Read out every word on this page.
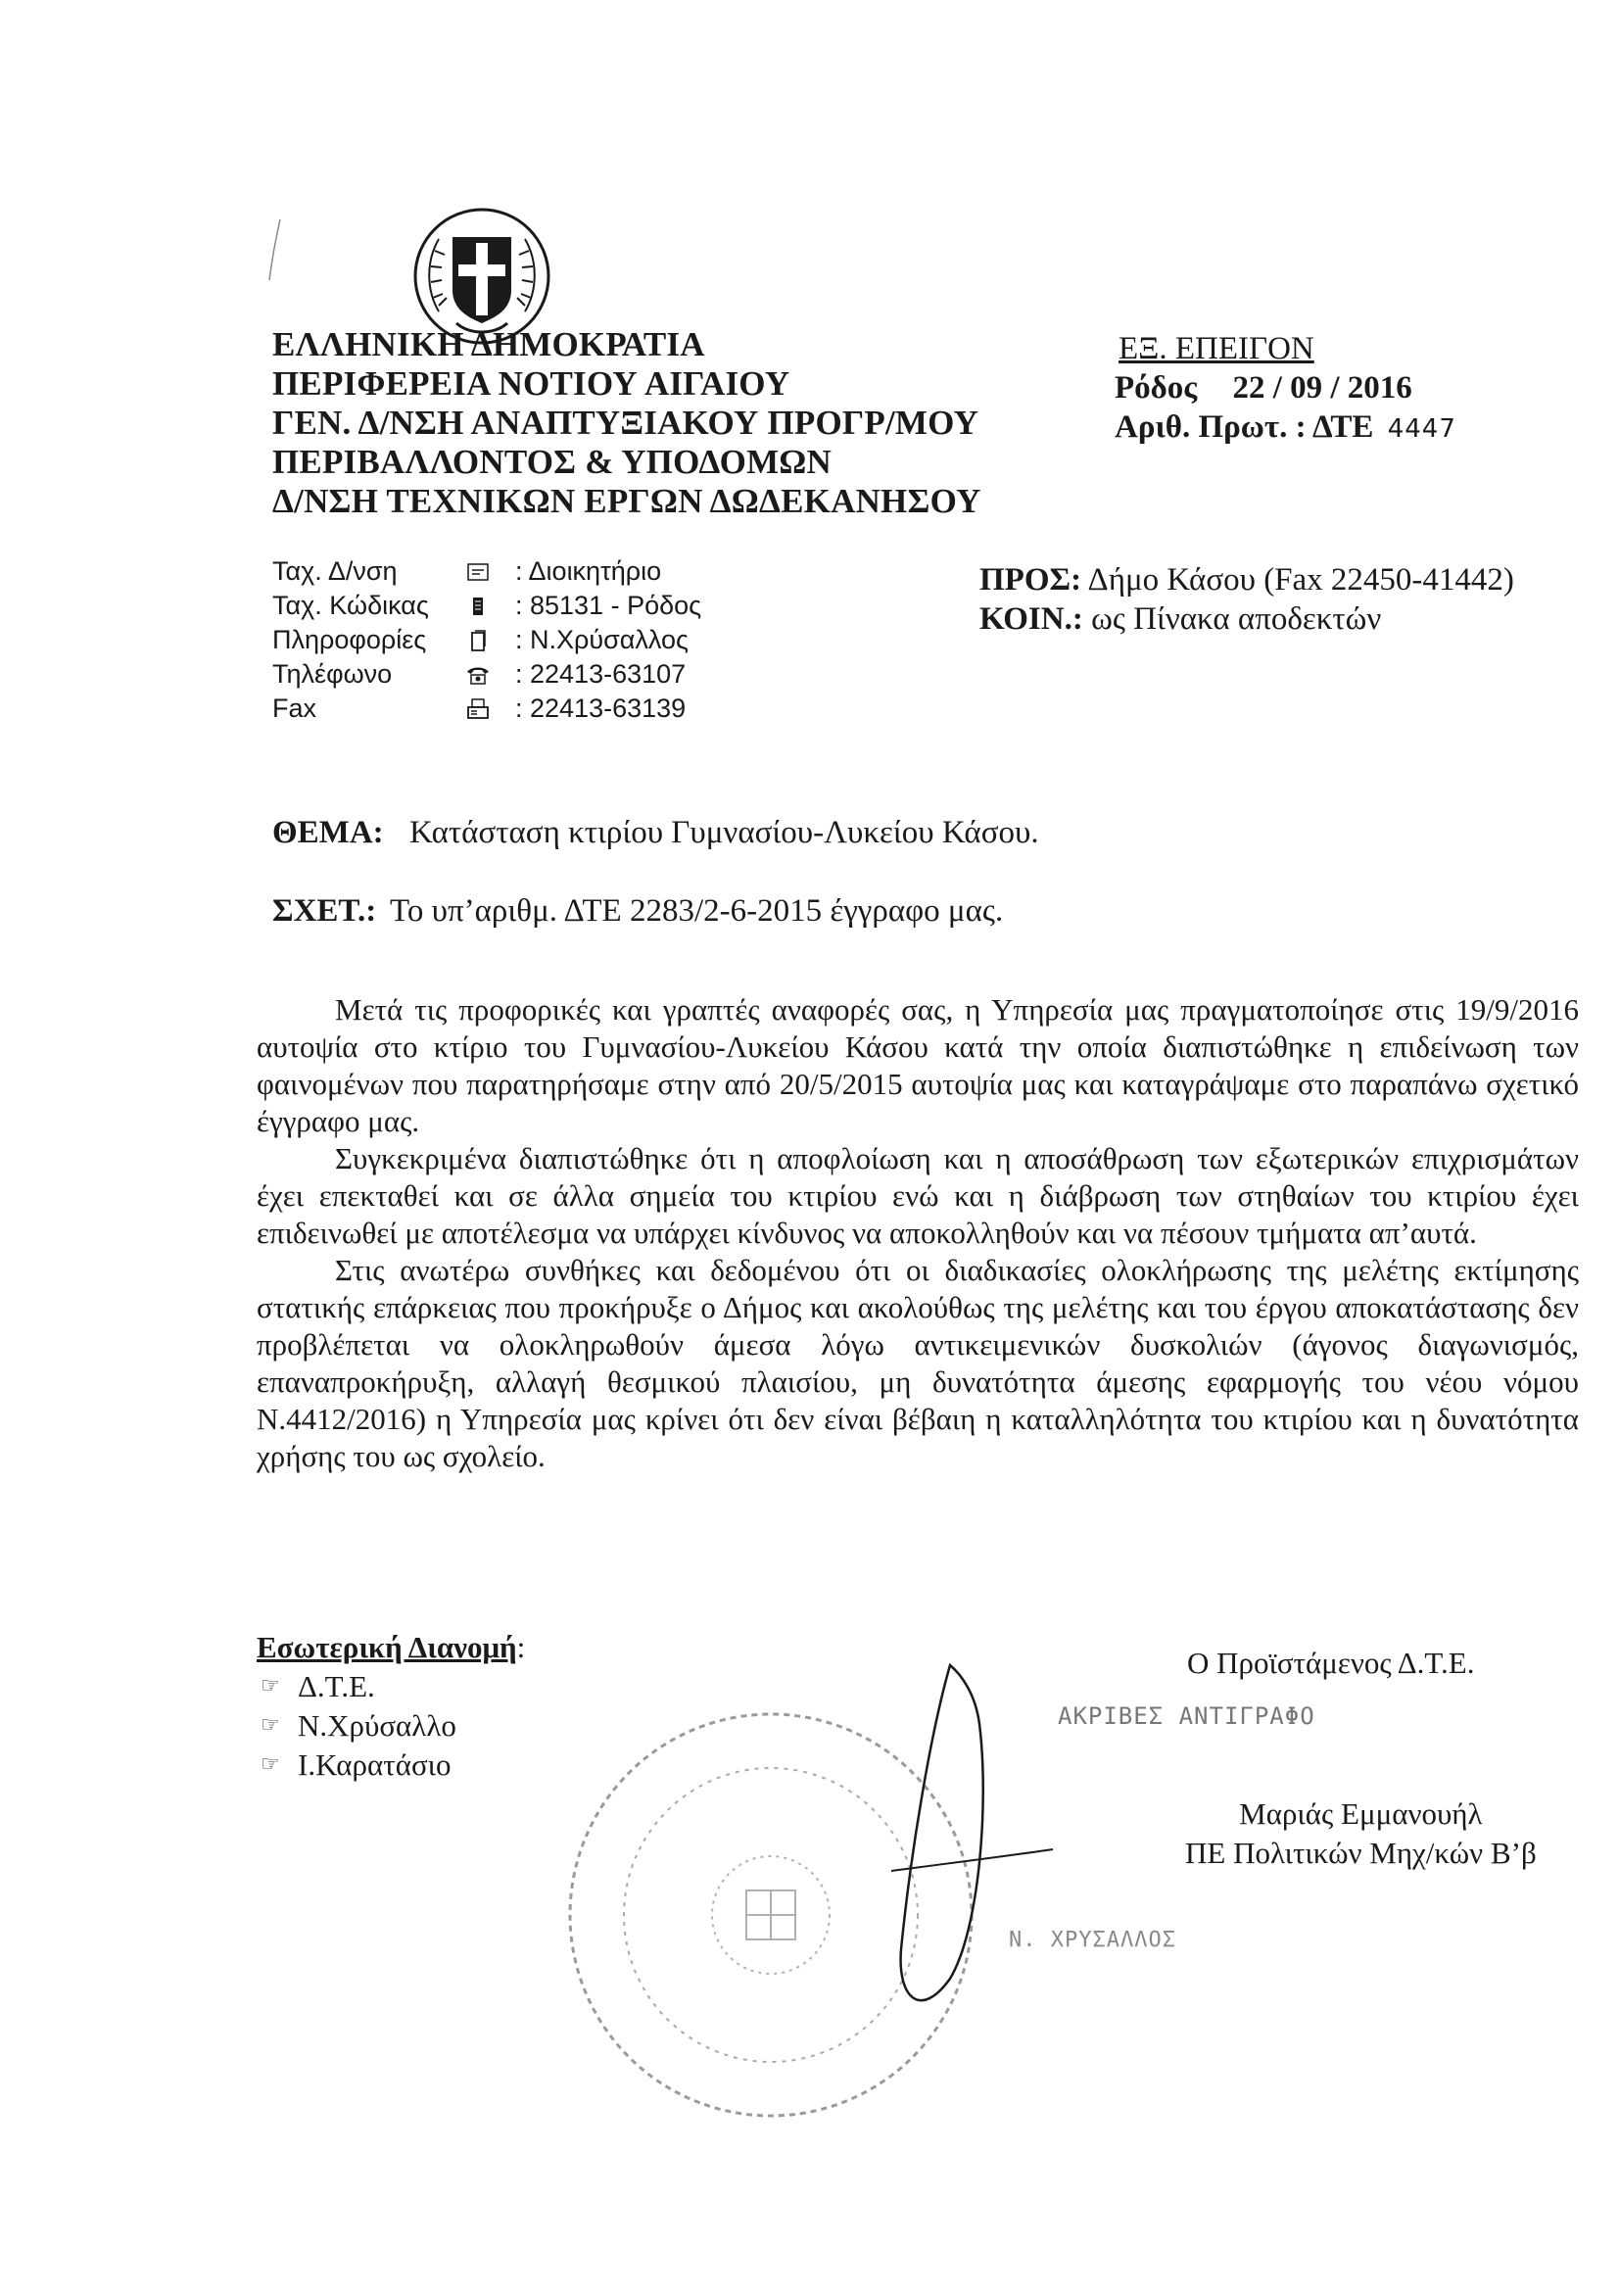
ΕΛΛΗΝΙΚΗ ΔΗΜΟΚΡΑΤΙΑ
ΠΕΡΙΦΕΡΕΙΑ ΝΟΤΙΟΥ ΑΙΓΑΙΟΥ
ΓΕΝ. Δ/ΝΣΗ ΑΝΑΠΤΥΞΙΑΚΟΥ ΠΡΟΓΡ/ΜΟΥ
ΠΕΡΙΒΑΛΛΟΝΤΟΣ & ΥΠΟΔΟΜΩΝ
Δ/ΝΣΗ ΤΕΧΝΙΚΩΝ ΕΡΓΩΝ ΔΩΔΕΚΑΝΗΣΟΥ
ΕΞ. ΕΠΕΙΓΟΝ
Ρόδος 22 / 09 / 2016
Αριθ. Πρωτ. : ΔΤΕ 4447
Ταχ. Δ/νση	: Διοικητήριο
Ταχ. Κώδικας	: 85131 - Ρόδος
Πληροφορίες	: Ν.Χρύσαλλος
Τηλέφωνο	: 22413-63107
Fax	: 22413-63139
ΠΡΟΣ: Δήμο Κάσου (Fax 22450-41442)
ΚΟΙΝ.: ως Πίνακα αποδεκτών
ΘΕΜΑ: Κατάσταση κτιρίου Γυμνασίου-Λυκείου Κάσου.
ΣΧΕΤ.: Το υπ’αριθμ. ΔΤΕ 2283/2-6-2015 έγγραφο μας.

Μετά τις προφορικές και γραπτές αναφορές σας, η Υπηρεσία μας πραγματοποίησε στις 19/9/2016 αυτοψία στο κτίριο του Γυμνασίου-Λυκείου Κάσου κατά την οποία διαπιστώθηκε η επιδείνωση των φαινομένων που παρατηρήσαμε στην από 20/5/2015 αυτοψία μας και καταγράψαμε στο παραπάνω σχετικό έγγραφο μας.

Συγκεκριμένα διαπιστώθηκε ότι η αποφλοίωση και η αποσάθρωση των εξωτερικών επιχρισμάτων έχει επεκταθεί και σε άλλα σημεία του κτιρίου ενώ και η διάβρωση των στηθαίων του κτιρίου έχει επιδεινωθεί με αποτέλεσμα να υπάρχει κίνδυνος να αποκολληθούν και να πέσουν τμήματα απ’αυτά.

Στις ανωτέρω συνθήκες και δεδομένου ότι οι διαδικασίες ολοκλήρωσης της μελέτης εκτίμησης στατικής επάρκειας που προκήρυξε ο Δήμος και ακολούθως της μελέτης και του έργου αποκατάστασης δεν προβλέπεται να ολοκληρωθούν άμεσα λόγω αντικειμενικών δυσκολιών (άγονος διαγωνισμός, επαναπροκήρυξη, αλλαγή θεσμικού πλαισίου, μη δυνατότητα άμεσης εφαρμογής του νέου νόμου Ν.4412/2016) η Υπηρεσία μας κρίνει ότι δεν είναι βέβαιη η καταλληλότητα του κτιρίου και η δυνατότητα χρήσης του ως σχολείο.

Εσωτερική Διανομή:
☞ Δ.Τ.Ε.
☞ Ν.Χρύσαλλο
☞ Ι.Καρατάσιο
ΑΚΡΙΒΕΣ ΑΝΤΙΓΡΑΦΟ
Ν. ΧΡΥΣΑΛΛΟΣ
Ο Προϊστάμενος Δ.Τ.Ε.
Μαριάς Εμμανουήλ
ΠΕ Πολιτικών Μηχ/κών Β’β
